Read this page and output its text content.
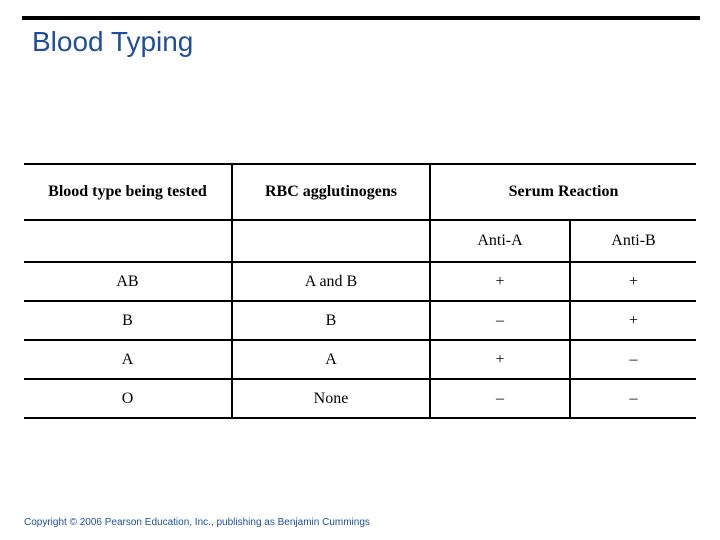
Blood Typing
Blood type being tested	RBC agglutinogens	Serum Reaction	
		Anti-A	Anti-B
AB	A and B	+	+
B	B	–	+
A	A	+	–
O	None	–	–
Copyright © 2006 Pearson Education, Inc., publishing as Benjamin Cummings
